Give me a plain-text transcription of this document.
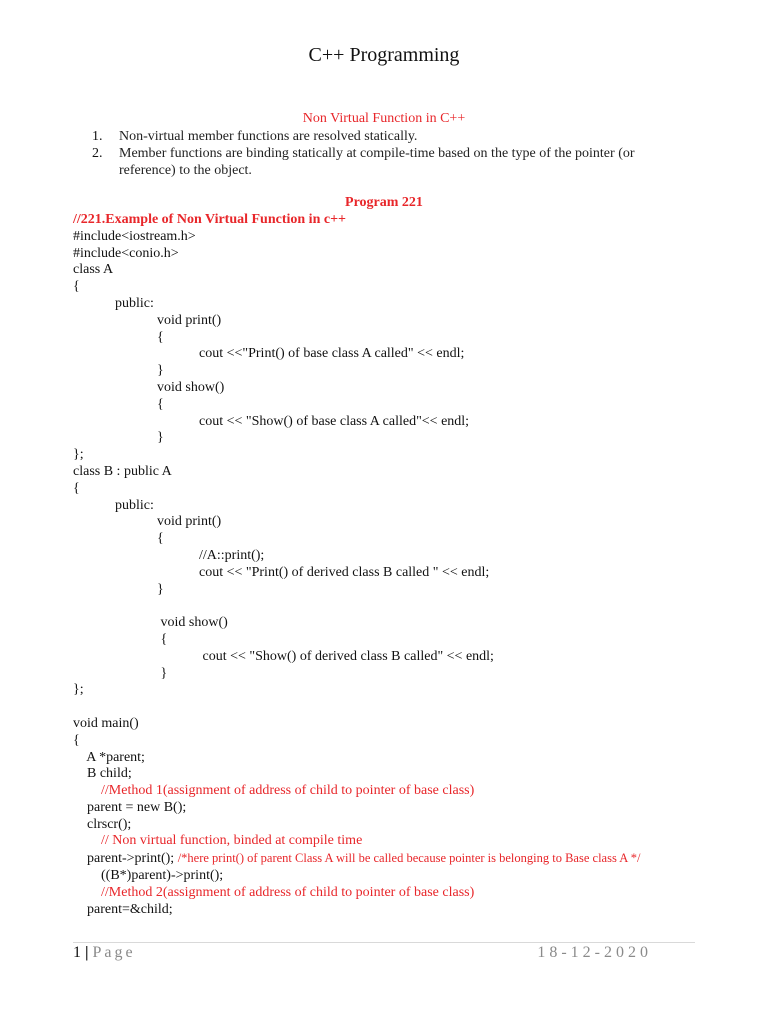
C++ Programming
Non Virtual Function in C++
1.	Non-virtual member functions are resolved statically.
2.	Member functions are binding statically at compile-time based on the type of the pointer (or reference) to the object.
Program 221
//221.Example of Non Virtual Function in c++
#include<iostream.h>
#include<conio.h>
class A
{
public:
void print()
{
cout <<"Print() of base class A called" << endl;
}
void show()
{
cout << "Show() of base class A called"<< endl;
}
};
class B : public A
{
public:
void print()
{
//A::print();
cout << "Print() of derived class B called " << endl;
}
void show()
{
cout << "Show() of derived class B called" << endl;
}
};
void main()
{
A *parent;
B child;
//Method 1(assignment of address of child to pointer of base class)
parent = new B();
clrscr();
// Non virtual function, binded at compile time
parent->print(); /*here print() of parent Class A will be called because pointer is belonging to Base class A */
((B*)parent)->print();
//Method 2(assignment of address of child to pointer of base class)
parent=&child;
1 | Page	18-12-2020
